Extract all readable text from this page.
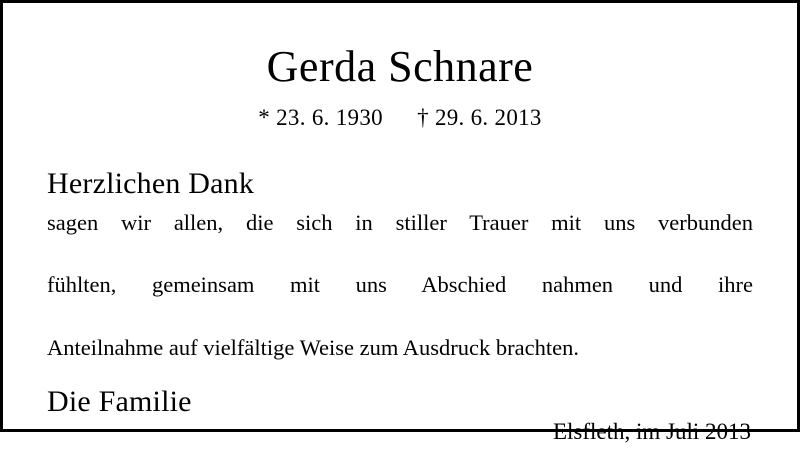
Gerda Schnare
* 23. 6. 1930 † 29. 6. 2013
Herzlichen Dank
sagen wir allen, die sich in stiller Trauer mit uns verbunden
fühlten, gemeinsam mit uns Abschied nahmen und ihre
Anteilnahme auf vielfältige Weise zum Ausdruck brachten.
Die Familie
Elsfleth, im Juli 2013
